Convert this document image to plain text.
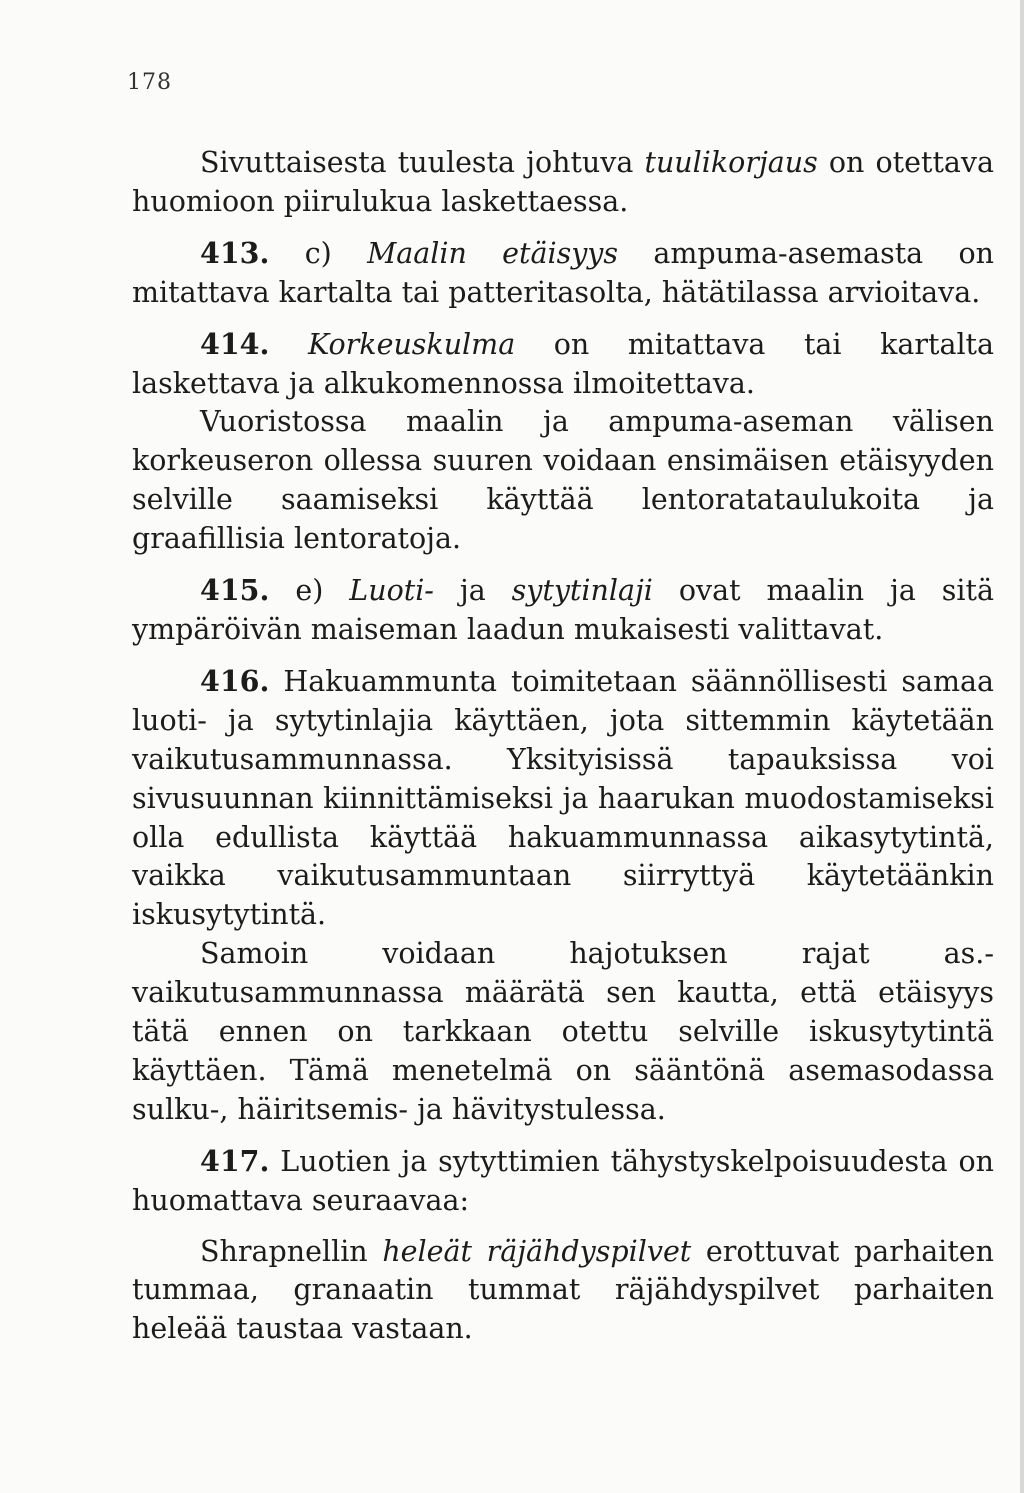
178

Sivuttaisesta tuulesta johtuva tuulikorjaus on otettava huomioon piirulukua laskettaessa.

413. c) Maalin etäisyys ampuma-asemasta on mitattava kartalta tai patteritasolta, hätätilassa arvioitava.

414. Korkeuskulma on mitattava tai kartalta laskettava ja alkukomennossa ilmoitettava.

Vuoristossa maalin ja ampuma-aseman välisen korkeuseron ollessa suuren voidaan ensimäisen etäisyyden selville saamiseksi käyttää lentoratataulukoita ja graafillisia lentoratoja.

415. e) Luoti- ja sytytinlaji ovat maalin ja sitä ympäröivän maiseman laadun mukaisesti valittavat.

416. Hakuammunta toimitetaan säännöllisesti samaa luoti- ja sytytinlajia käyttäen, jota sittemmin käytetään vaikutusammunnassa. Yksityisissä tapauksissa voi sivusuunnan kiinnittämiseksi ja haarukan muodostamiseksi olla edullista käyttää hakuammunnassa aikasytytintä, vaikka vaikutusammuntaan siirryttyä käytetäänkin iskusytytintä.

Samoin voidaan hajotuksen rajat as.-vaikutusammunnassa määrätä sen kautta, että etäisyys tätä ennen on tarkkaan otettu selville iskusytytintä käyttäen. Tämä menetelmä on sääntönä asemasodassa sulku-, häiritsemis- ja hävitystulessa.

417. Luotien ja sytyttimien tähystyskelpoisuudesta on huomattava seuraavaa:

Shrapnellin heleät räjähdyspilvet erottuvat parhaiten tummaa, granaatin tummat räjähdyspilvet parhaiten heleää taustaa vastaan.
